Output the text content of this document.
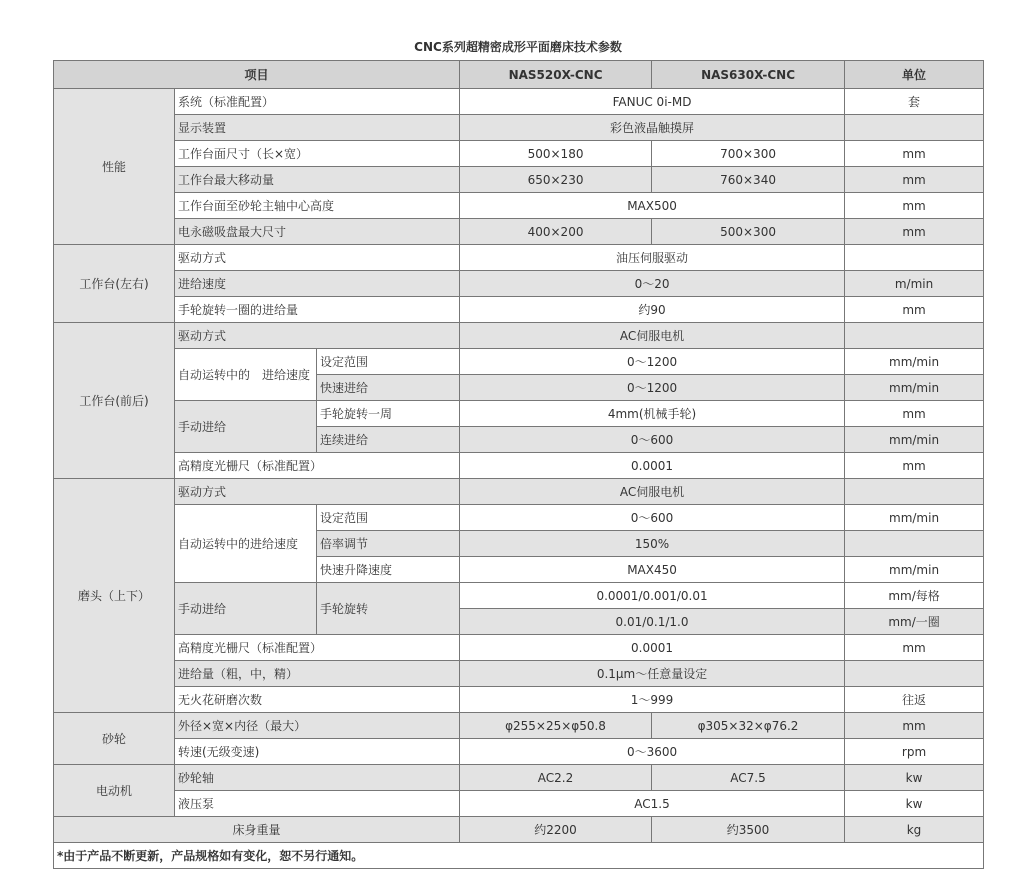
CNC系列超精密成形平面磨床技术参数
项目			NAS520X-CNC	NAS630X-CNC	单位
性能	系统（标准配置）		FANUC 0i-MD		套
	显示装置		彩色液晶触摸屏		
	工作台面尺寸（长×宽）		500×180	700×300	mm
	工作台最大移动量		650×230	760×340	mm
	工作台面至砂轮主轴中心高度		MAX500		mm
	电永磁吸盘最大尺寸		400×200	500×300	mm
工作台(左右)	驱动方式		油压伺服驱动		
	进给速度		0～20		m/min
	手轮旋转一圈的进给量		约90		mm
工作台(前后)	驱动方式		AC伺服电机		
	自动运转中的　进给速度	设定范围	0～1200		mm/min
		快速进给	0～1200		mm/min
	手动进给	手轮旋转一周	4mm(机械手轮)		mm
		连续进给	0～600		mm/min
	高精度光栅尺（标准配置）		0.0001		mm
磨头（上下）	驱动方式		AC伺服电机		
	自动运转中的进给速度	设定范围	0～600		mm/min
		倍率调节	150%		
		快速升降速度	MAX450		mm/min
	手动进给	手轮旋转	0.0001/0.001/0.01		mm/每格
			0.01/0.1/1.0		mm/一圈
	高精度光栅尺（标准配置）		0.0001		mm
	进给量（粗，中，精）		0.1μm～任意量设定		
	无火花研磨次数		1～999		往返
砂轮	外径×宽×内径（最大）		φ255×25×φ50.8	φ305×32×φ76.2	mm
	转速(无级变速)		0～3600		rpm
电动机	砂轮轴		AC2.2	AC7.5	kw
	液压泵		AC1.5		kw
床身重量			约2200	约3500	kg
*由于产品不断更新，产品规格如有变化，恕不另行通知。					
